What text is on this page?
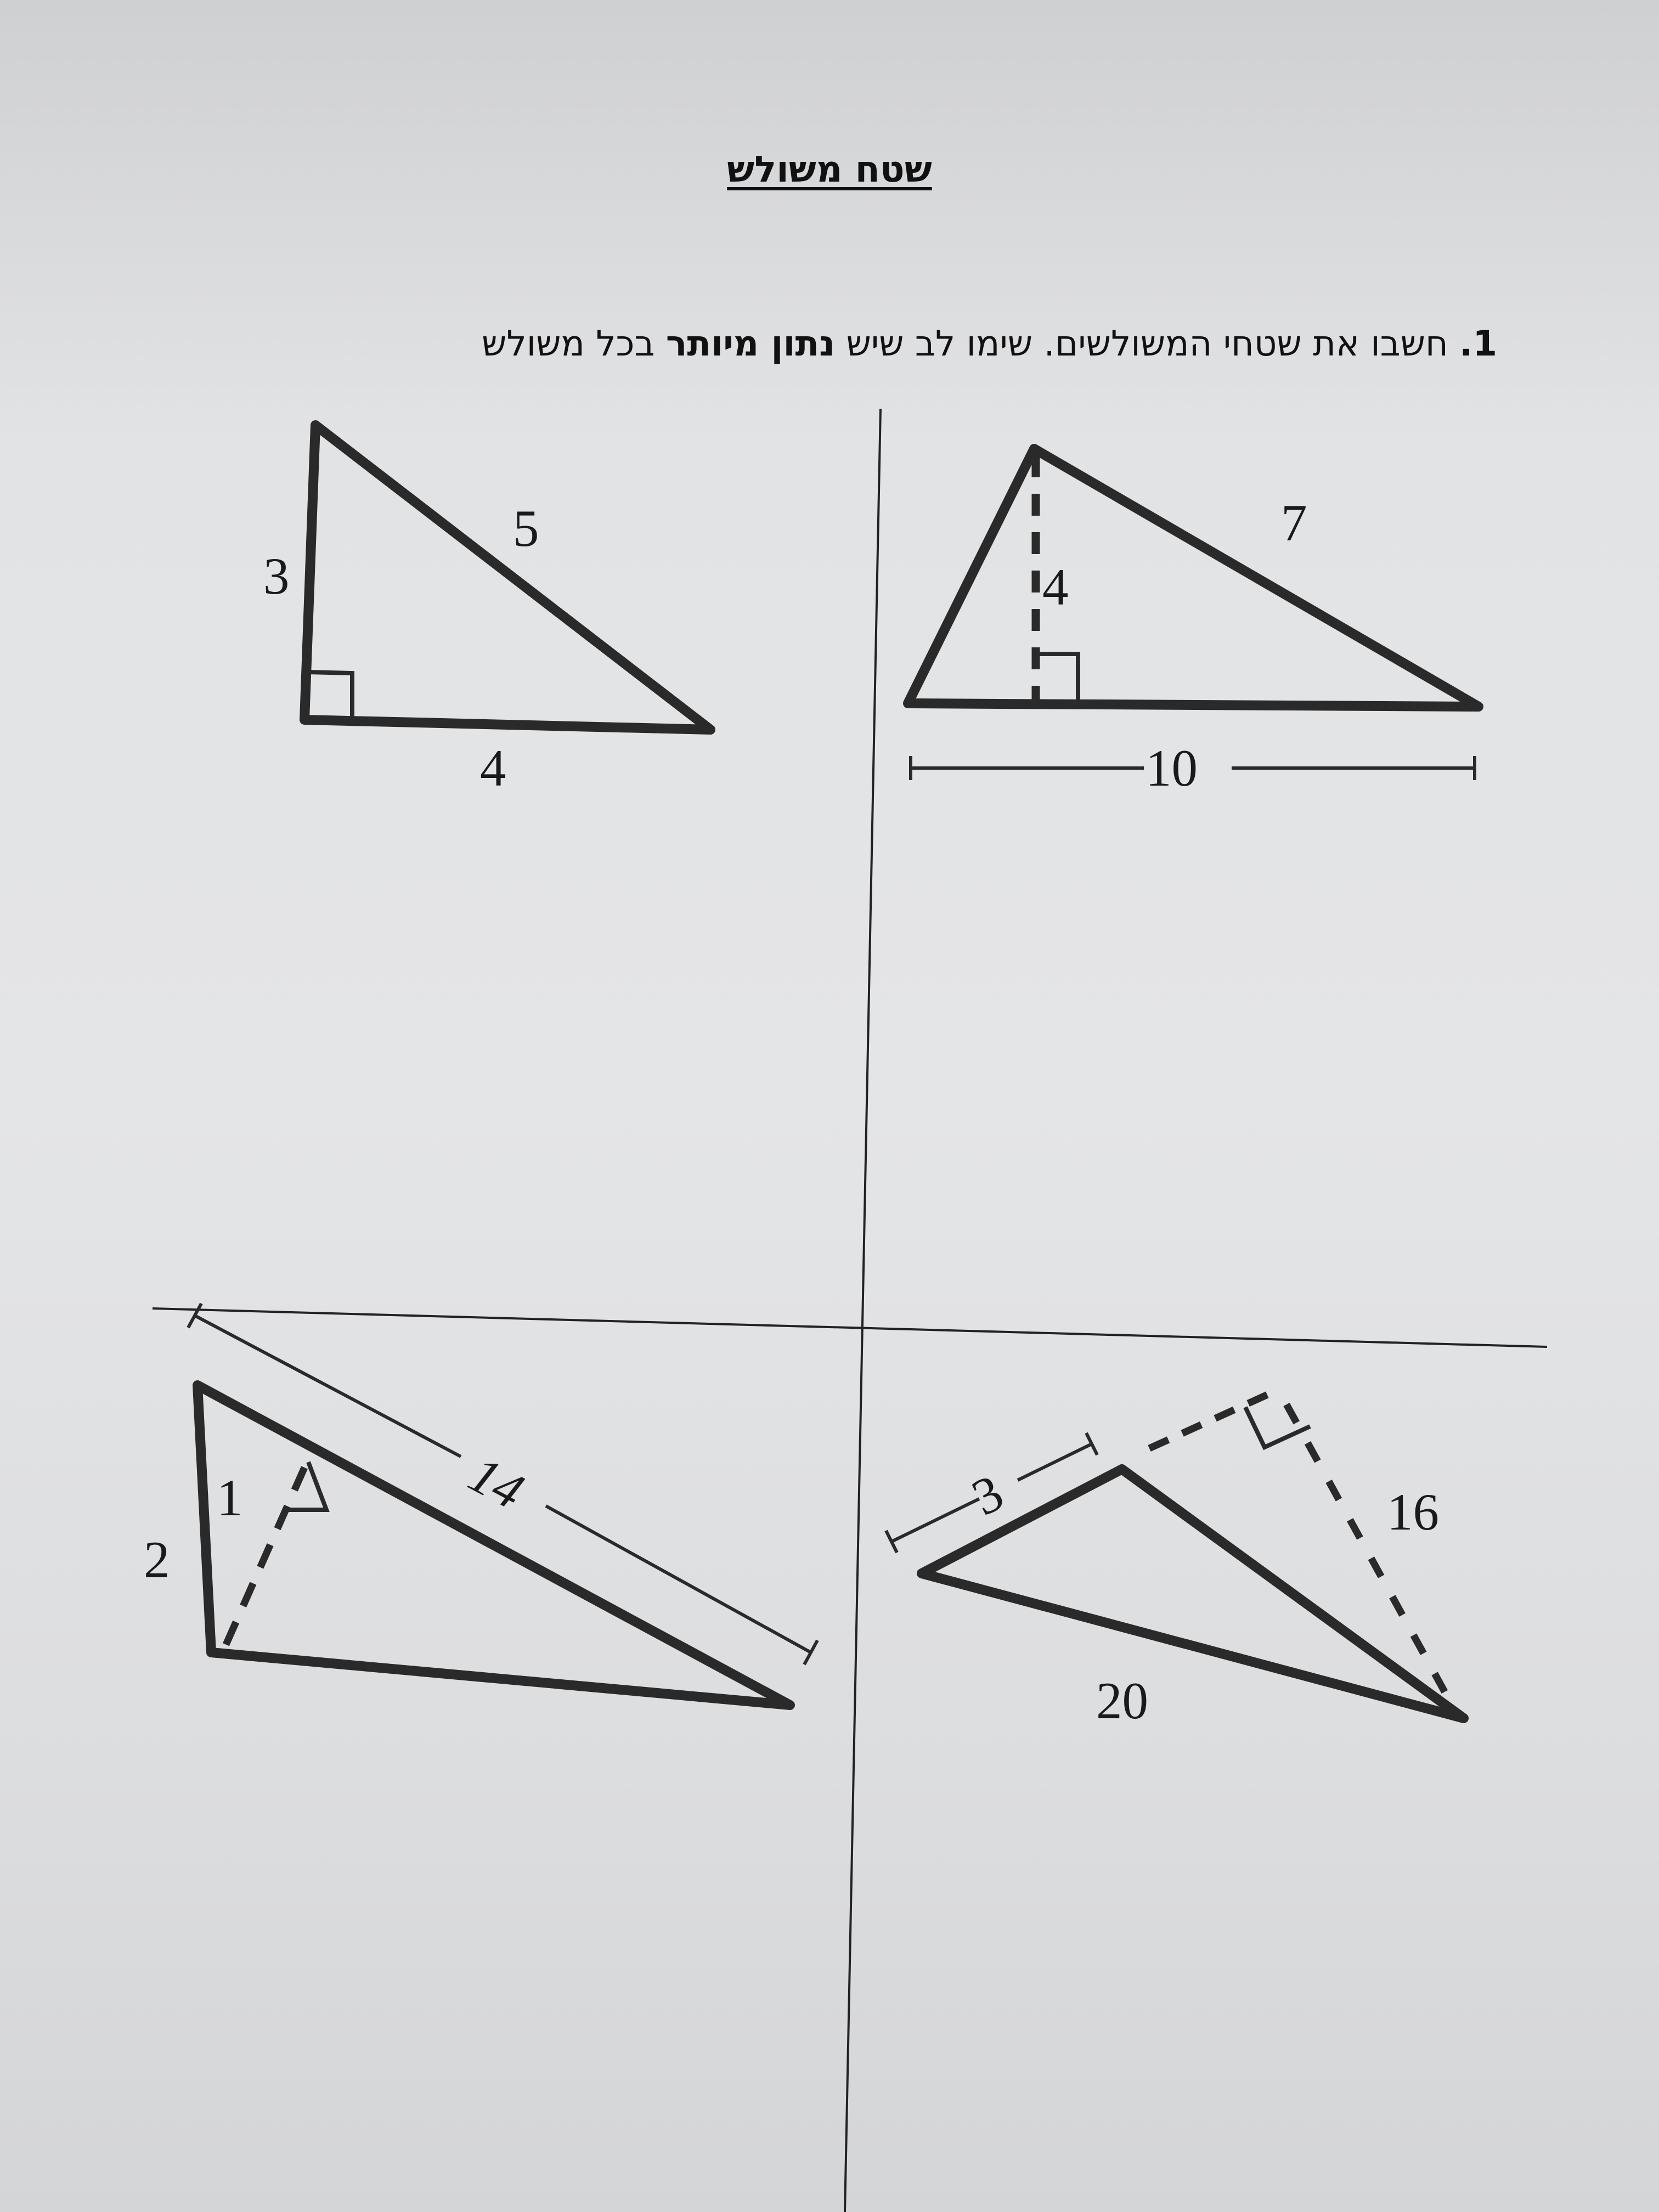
שטח משולש
1. חשבו את שטחי המשולשים. שימו לב שיש נתון מיותר בכל משולש
3
5
4
4
7
10
2
1	14	3	16
20
